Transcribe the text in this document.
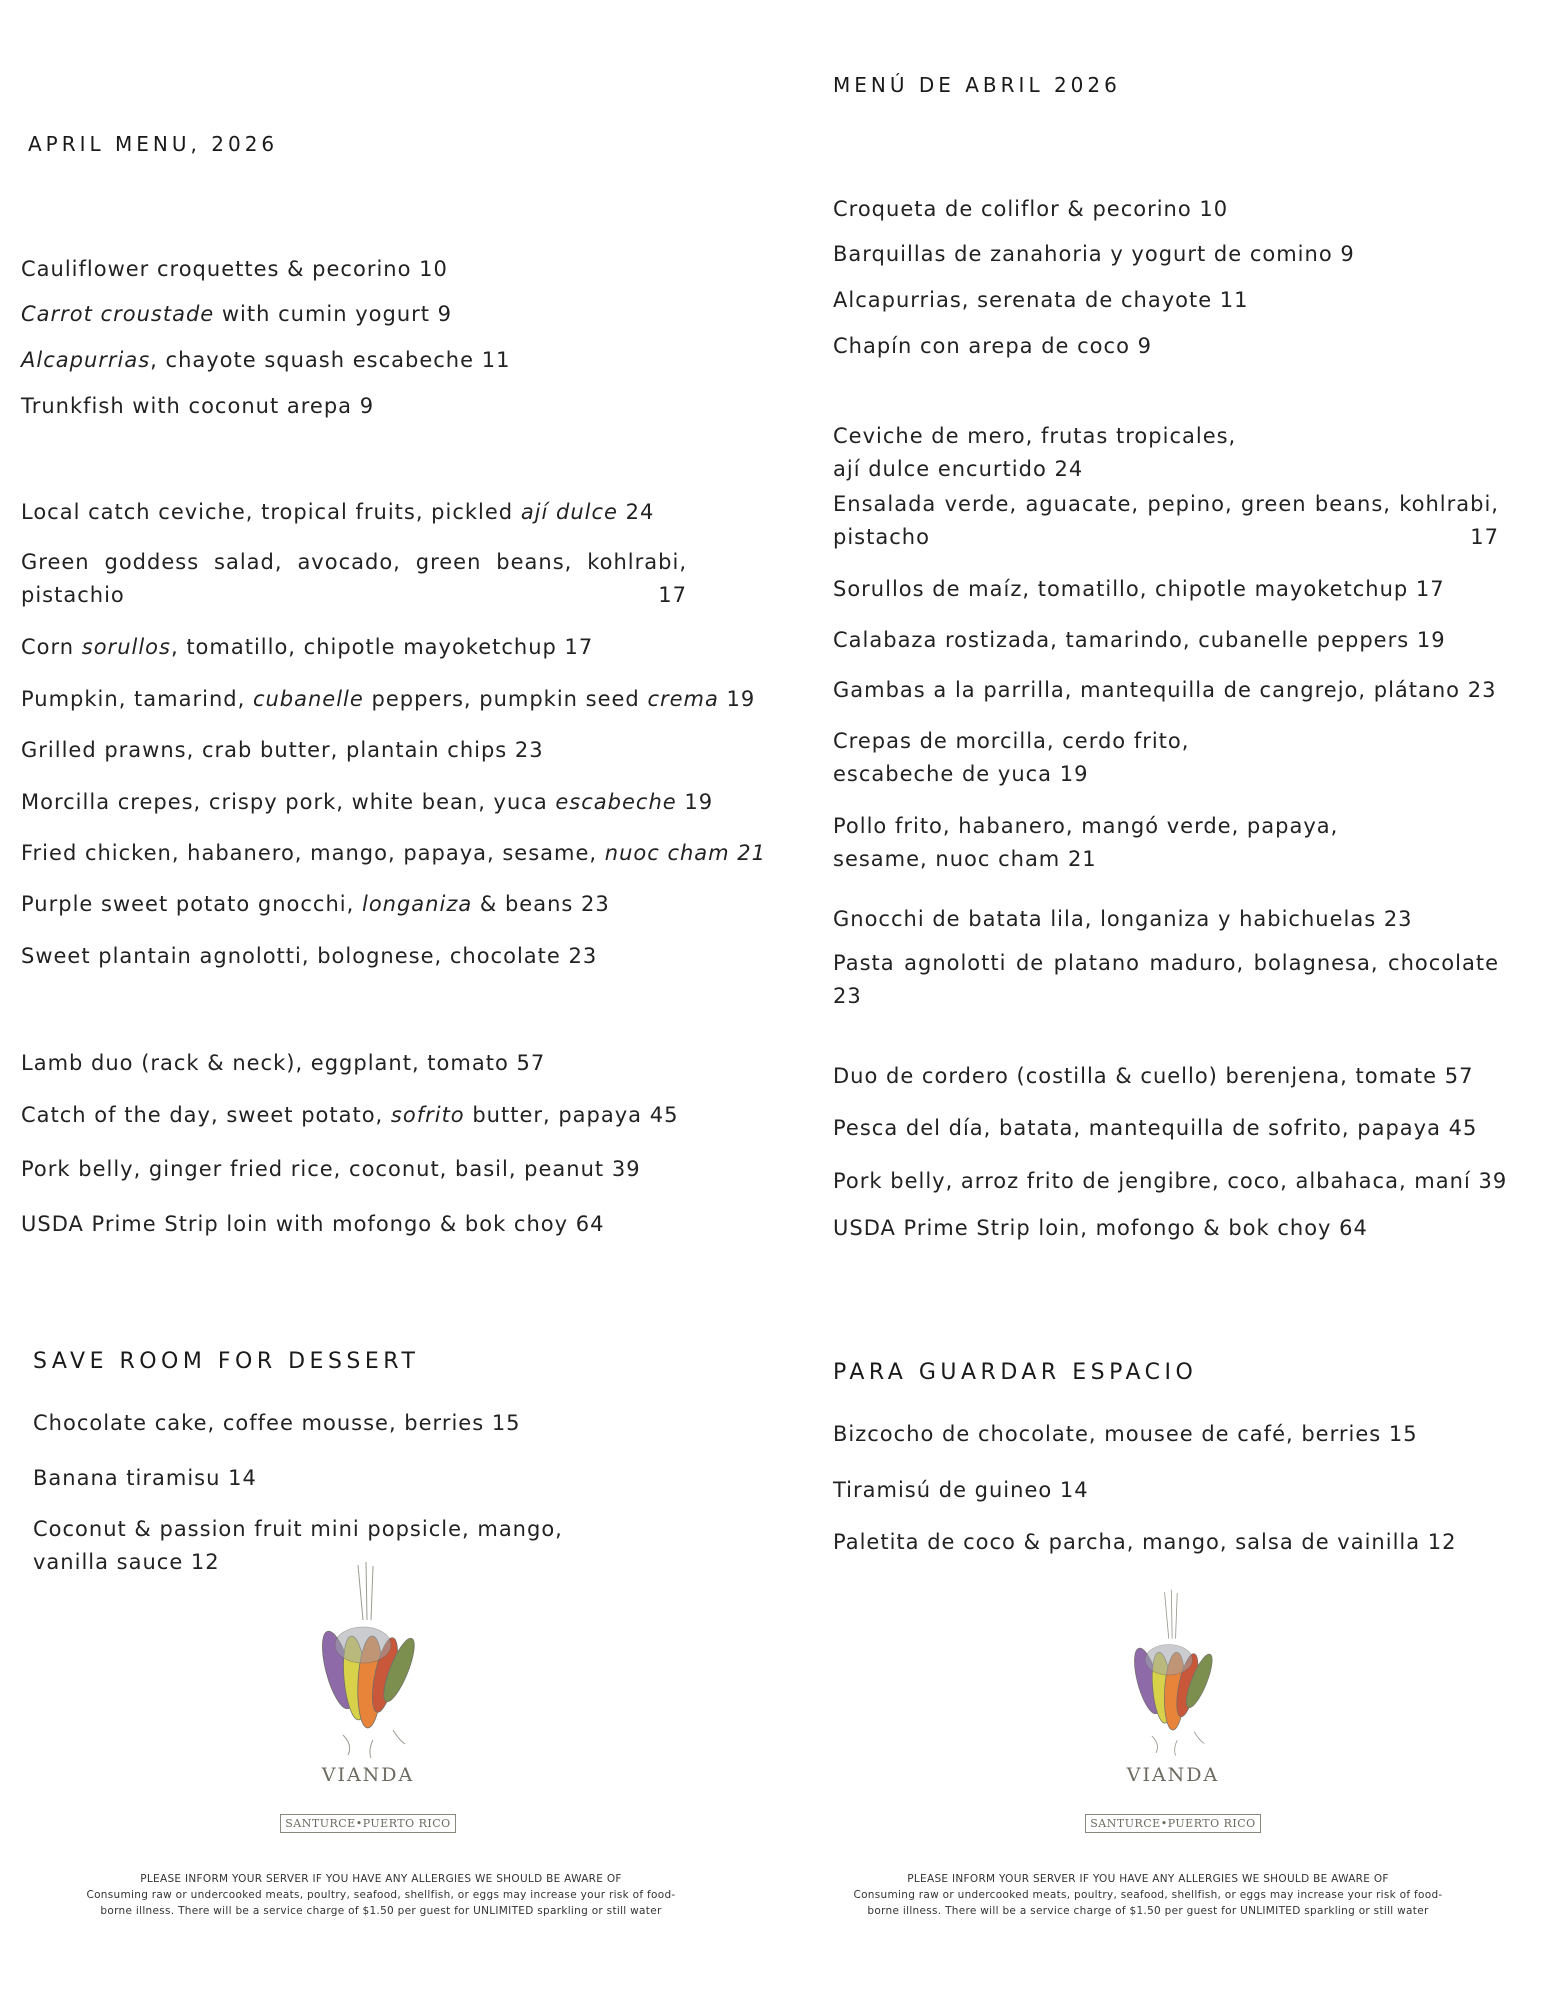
APRIL MENU, 2026

Cauliflower croquettes & pecorino 10

Carrot croustade with cumin yogurt 9

Alcapurrias, chayote squash escabeche 11

Trunkfish with coconut arepa 9

Local catch ceviche, tropical fruits, pickled ají dulce 24

Green goddess salad, avocado, green beans, kohlrabi, pistachio 17

Corn sorullos, tomatillo, chipotle mayoketchup 17

Pumpkin, tamarind, cubanelle peppers, pumpkin seed crema 19

Grilled prawns, crab butter, plantain chips 23

Morcilla crepes, crispy pork, white bean, yuca escabeche 19

Fried chicken, habanero, mango, papaya, sesame, nuoc cham 21

Purple sweet potato gnocchi, longaniza & beans 23

Sweet plantain agnolotti, bolognese, chocolate 23

Lamb duo (rack & neck), eggplant, tomato 57

Catch of the day, sweet potato, sofrito butter, papaya 45

Pork belly, ginger fried rice, coconut, basil, peanut 39

USDA Prime Strip loin with mofongo & bok choy 64

SAVE ROOM FOR DESSERT

Chocolate cake, coffee mousse, berries 15

Banana tiramisu 14

Coconut & passion fruit mini popsicle, mango, vanilla sauce 12

VIANDA
SANTURCE•PUERTO RICO
PLEASE INFORM YOUR SERVER IF YOU HAVE ANY ALLERGIES WE SHOULD BE AWARE OF
Consuming raw or undercooked meats, poultry, seafood, shellfish, or eggs may increase your risk of food-
borne illness. There will be a service charge of $1.50 per guest for UNLIMITED sparkling or still water
MENÚ DE ABRIL 2026

Croqueta de coliflor & pecorino 10

Barquillas de zanahoria y yogurt de comino 9

Alcapurrias, serenata de chayote 11

Chapín con arepa de coco 9

Ceviche de mero, frutas tropicales, ají dulce encurtido 24

Ensalada verde, aguacate, pepino, green beans, kohlrabi, pistacho 17

Sorullos de maíz, tomatillo, chipotle mayoketchup 17

Calabaza rostizada, tamarindo, cubanelle peppers 19

Gambas a la parrilla, mantequilla de cangrejo, plátano 23

Crepas de morcilla, cerdo frito, escabeche de yuca 19

Pollo frito, habanero, mangó verde, papaya, sesame, nuoc cham 21

Gnocchi de batata lila, longaniza y habichuelas 23

Pasta agnolotti de platano maduro, bolagnesa, chocolate 23

Duo de cordero (costilla & cuello) berenjena, tomate 57

Pesca del día, batata, mantequilla de sofrito, papaya 45

Pork belly, arroz frito de jengibre, coco, albahaca, maní 39

USDA Prime Strip loin, mofongo & bok choy 64

PARA GUARDAR ESPACIO

Bizcocho de chocolate, mousee de café, berries 15

Tiramisú de guineo 14

Paletita de coco & parcha, mango, salsa de vainilla 12

VIANDA
SANTURCE•PUERTO RICO
PLEASE INFORM YOUR SERVER IF YOU HAVE ANY ALLERGIES WE SHOULD BE AWARE OF
Consuming raw or undercooked meats, poultry, seafood, shellfish, or eggs may increase your risk of food-
borne illness. There will be a service charge of $1.50 per guest for UNLIMITED sparkling or still water
